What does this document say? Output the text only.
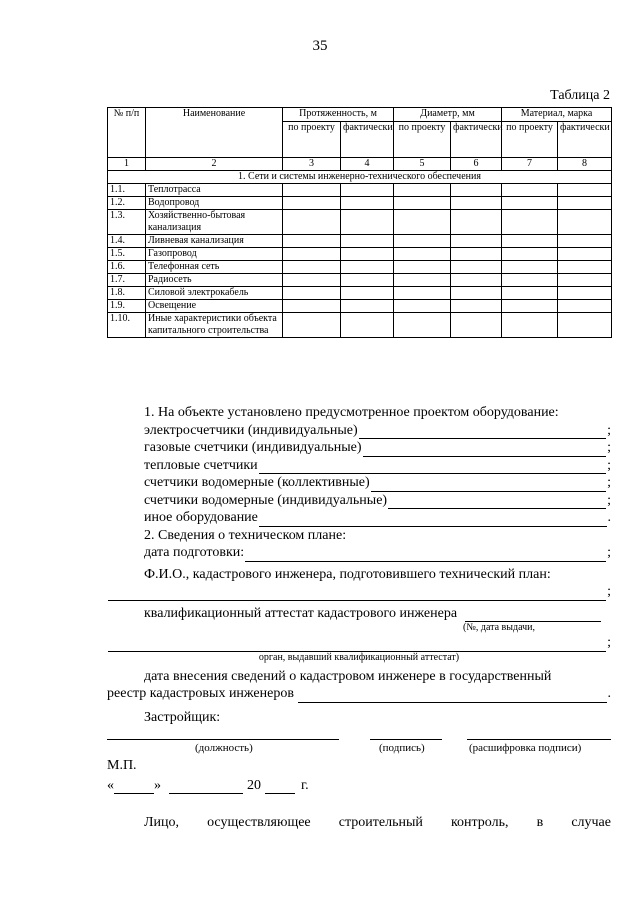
35
Таблица 2
№ п/п	Наименование	Протяженность, м		Диаметр, мм		Материал, марка	
		по проекту	фактически	по проекту	фактически	по проекту	фактически
1	2	3	4	5	6	7	8
1. Сети и системы инженерно-технического обеспечения							
1.1.	Теплотрасса						
1.2.	Водопровод						
1.3.	Хозяйственно-бытовая канализация						
1.4.	Ливневая канализация						
1.5.	Газопровод						
1.6.	Телефонная сеть						
1.7.	Радиосеть						
1.8.	Силовой электрокабель						
1.9.	Освещение						
1.10.	Иные характеристики объекта капитального строительства						
1. На объекте установлено предусмотренное проектом оборудование:
электросчетчики (индивидуальные)	;
газовые счетчики (индивидуальные)	;
тепловые счетчики	;
счетчики водомерные (коллективные)	;
счетчики водомерные (индивидуальные)	;
иное оборудование	.
2. Сведения о техническом плане:
дата подготовки:	;
Ф.И.О., кадастрового инженера, подготовившего технический план:
;
квалификационный аттестат кадастрового инженера
(№, дата выдачи,
;
орган, выдавший квалификационный аттестат)
дата внесения сведений о кадастровом инженере в государственный
реестр кадастровых инженеров	.
Застройщик:
(должность)	(подпись)	(расшифровка подписи)
М.П.
«	»	20	г.
Лицо, осуществляющее строительный контроль, в случае
